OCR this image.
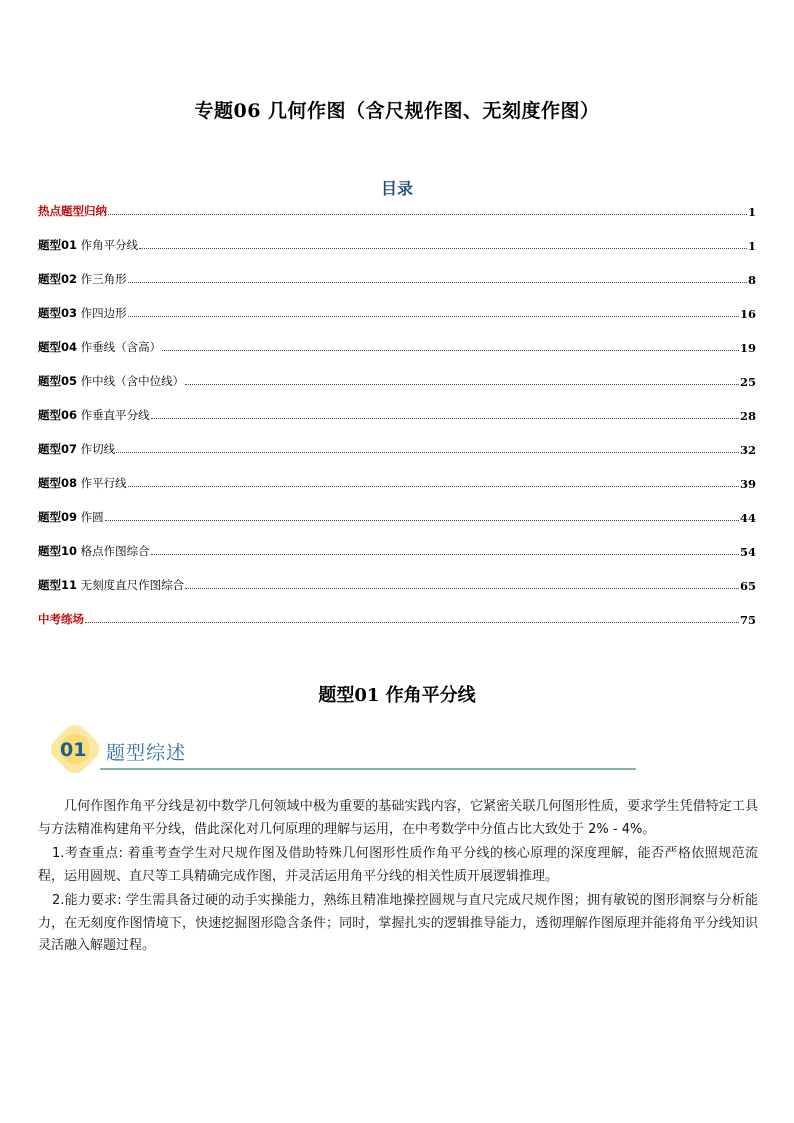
专题06 几何作图（含尺规作图、无刻度作图）
目录
热点题型归纳	1
题型01 作角平分线	1
题型02 作三角形	8
题型03 作四边形	16
题型04 作垂线（含高）	19
题型05 作中线（含中位线）	25
题型06 作垂直平分线	28
题型07 作切线	32
题型08 作平行线	39
题型09 作圆	44
题型10 格点作图综合	54
题型11 无刻度直尺作图综合	65
中考练场	75
题型01 作角平分线
01 题型综述

几何作图作角平分线是初中数学几何领域中极为重要的基础实践内容，它紧密关联几何图形性质，要求学生凭借特定工具与方法精准构建角平分线，借此深化对几何原理的理解与运用，在中考数学中分值占比大致处于 2% - 4%。

1.考查重点: 着重考查学生对尺规作图及借助特殊几何图形性质作角平分线的核心原理的深度理解，能否严格依照规范流程，运用圆规、直尺等工具精确完成作图，并灵活运用角平分线的相关性质开展逻辑推理。

2.能力要求: 学生需具备过硬的动手实操能力，熟练且精准地操控圆规与直尺完成尺规作图；拥有敏锐的图形洞察与分析能力，在无刻度作图情境下，快速挖掘图形隐含条件；同时，掌握扎实的逻辑推导能力，透彻理解作图原理并能将角平分线知识灵活融入解题过程。
